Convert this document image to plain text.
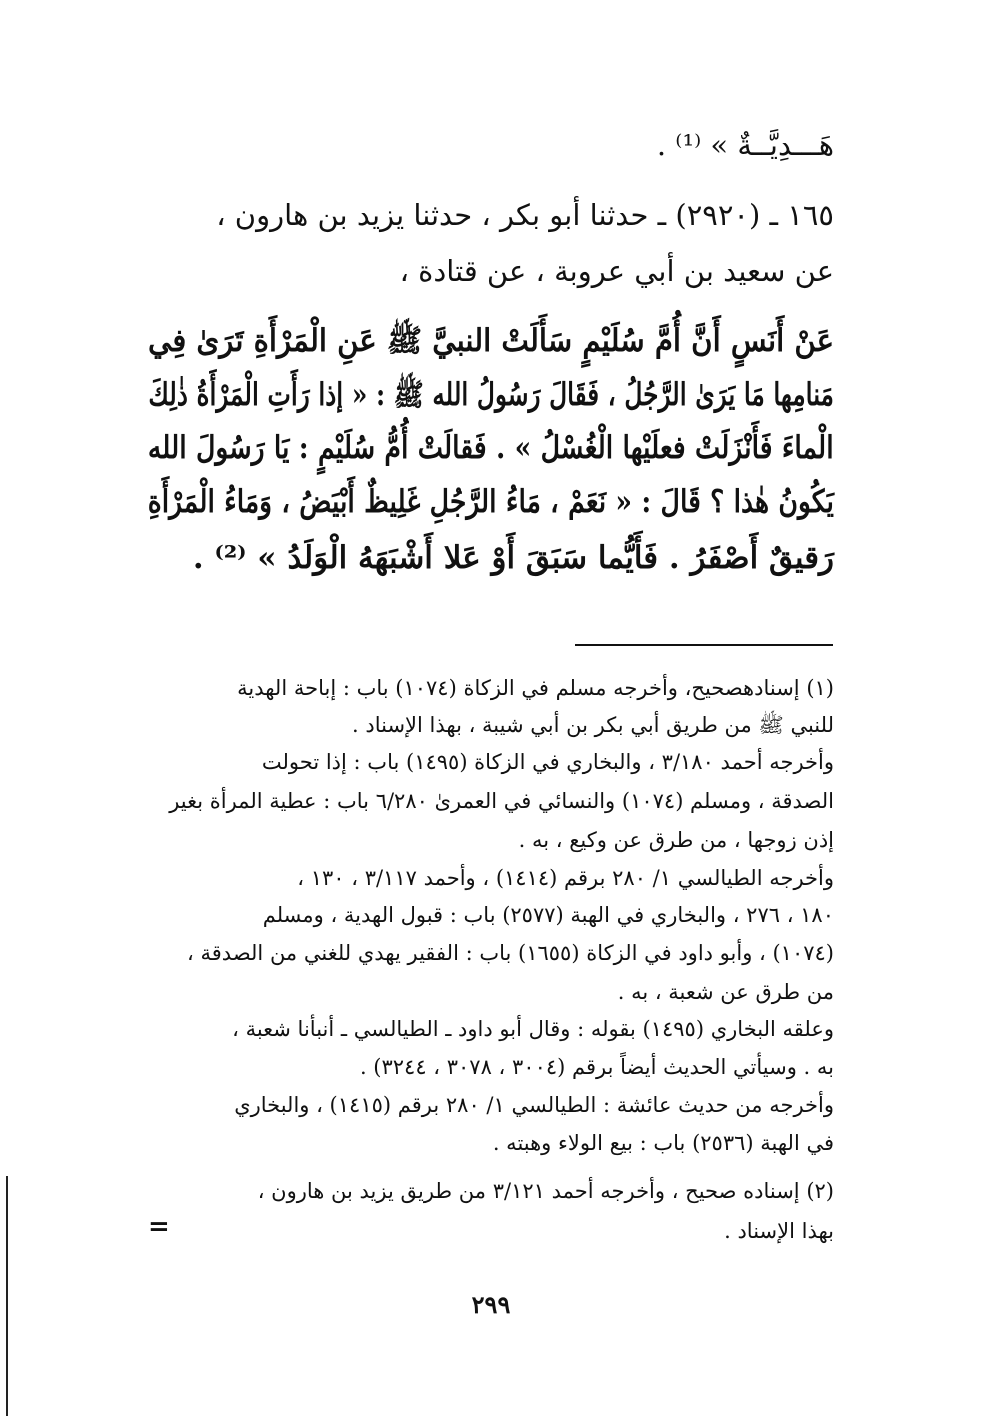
هَـــدِيَّــةٌ » ⁽¹⁾ .
١٦٥ ـ (٢٩٢٠) ـ حدثنا أبو بكر ، حدثنا يزيد بن هارون ،
عن سعيد بن أبي عروبة ، عن قتادة ،
عَنْ أَنَسٍ أَنَّ أُمَّ سُلَيْمٍ سَأَلَتْ النبيَّ ﷺ عَنِ الْمَرْأَةِ تَرَىٰ فِي
مَنامِها مَا يَرَىٰ الرَّجُلُ ، فَقَالَ رَسُولُ الله ﷺ : « إذا رَأَتِ الْمَرْأَةُ ذٰلِكَ
الْماءَ فَأَنْزَلَتْ فعلَيْها الْغُسْلُ » . فَقالَتْ أُمُّ سُلَيْمٍ : يَا رَسُولَ الله
يَكُونُ هٰذا ؟ قَالَ : « نَعَمْ ، مَاءُ الرَّجُلِ غَلِيظٌ أَبْيَضُ ، وَمَاءُ الْمَرْأَةِ
رَقيقٌ أَصْفَرُ . فَأَيُّما سَبَقَ أَوْ عَلا أَشْبَهَهُ الْوَلَدُ » ⁽²⁾ .
(١) إسنادهصحيح، وأخرجه مسلم في الزكاة (١٠٧٤) باب : إباحة الهدية
للنبي ﷺ من طريق أبي بكر بن أبي شيبة ، بهذا الإسناد .
وأخرجه أحمد ٣/١٨٠ ، والبخاري في الزكاة (١٤٩٥) باب : إذا تحولت
الصدقة ، ومسلم (١٠٧٤) والنسائي في العمرىٰ ٦/٢٨٠ باب : عطية المرأة بغير
إذن زوجها ، من طرق عن وكيع ، به .
وأخرجه الطيالسي ١/ ٢٨٠ برقم (١٤١٤) ، وأحمد ٣/١١٧ ، ١٣٠ ،
١٨٠ ، ٢٧٦ ، والبخاري في الهبة (٢٥٧٧) باب : قبول الهدية ، ومسلم
(١٠٧٤) ، وأبو داود في الزكاة (١٦٥٥) باب : الفقير يهدي للغني من الصدقة ،
من طرق عن شعبة ، به .
وعلقه البخاري (١٤٩٥) بقوله : وقال أبو داود ـ الطيالسي ـ أنبأنا شعبة ،
به . وسيأتي الحديث أيضاً برقم (٣٠٠٤ ، ٣٠٧٨ ، ٣٢٤٤) .
وأخرجه من حديث عائشة : الطيالسي ١/ ٢٨٠ برقم (١٤١٥) ، والبخاري
في الهبة (٢٥٣٦) باب : بيع الولاء وهبته .
(٢) إسناده صحيح ، وأخرجه أحمد ٣/١٢١ من طريق يزيد بن هارون ،
بهذا الإسناد .
=
٢٩٩
